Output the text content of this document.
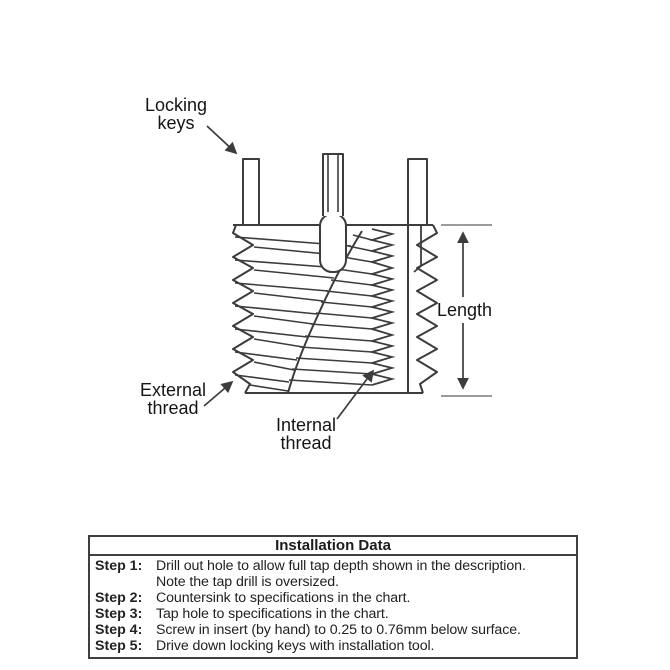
Locking keys
External thread
Internal thread
Length
Installation Data
Step 1: Drill out hole to allow full tap depth shown in the description.
Note the tap drill is oversized.
Step 2: Countersink to specifications in the chart.
Step 3: Tap hole to specifications in the chart.
Step 4: Screw in insert (by hand) to 0.25 to 0.76mm below surface.
Step 5: Drive down locking keys with installation tool.
